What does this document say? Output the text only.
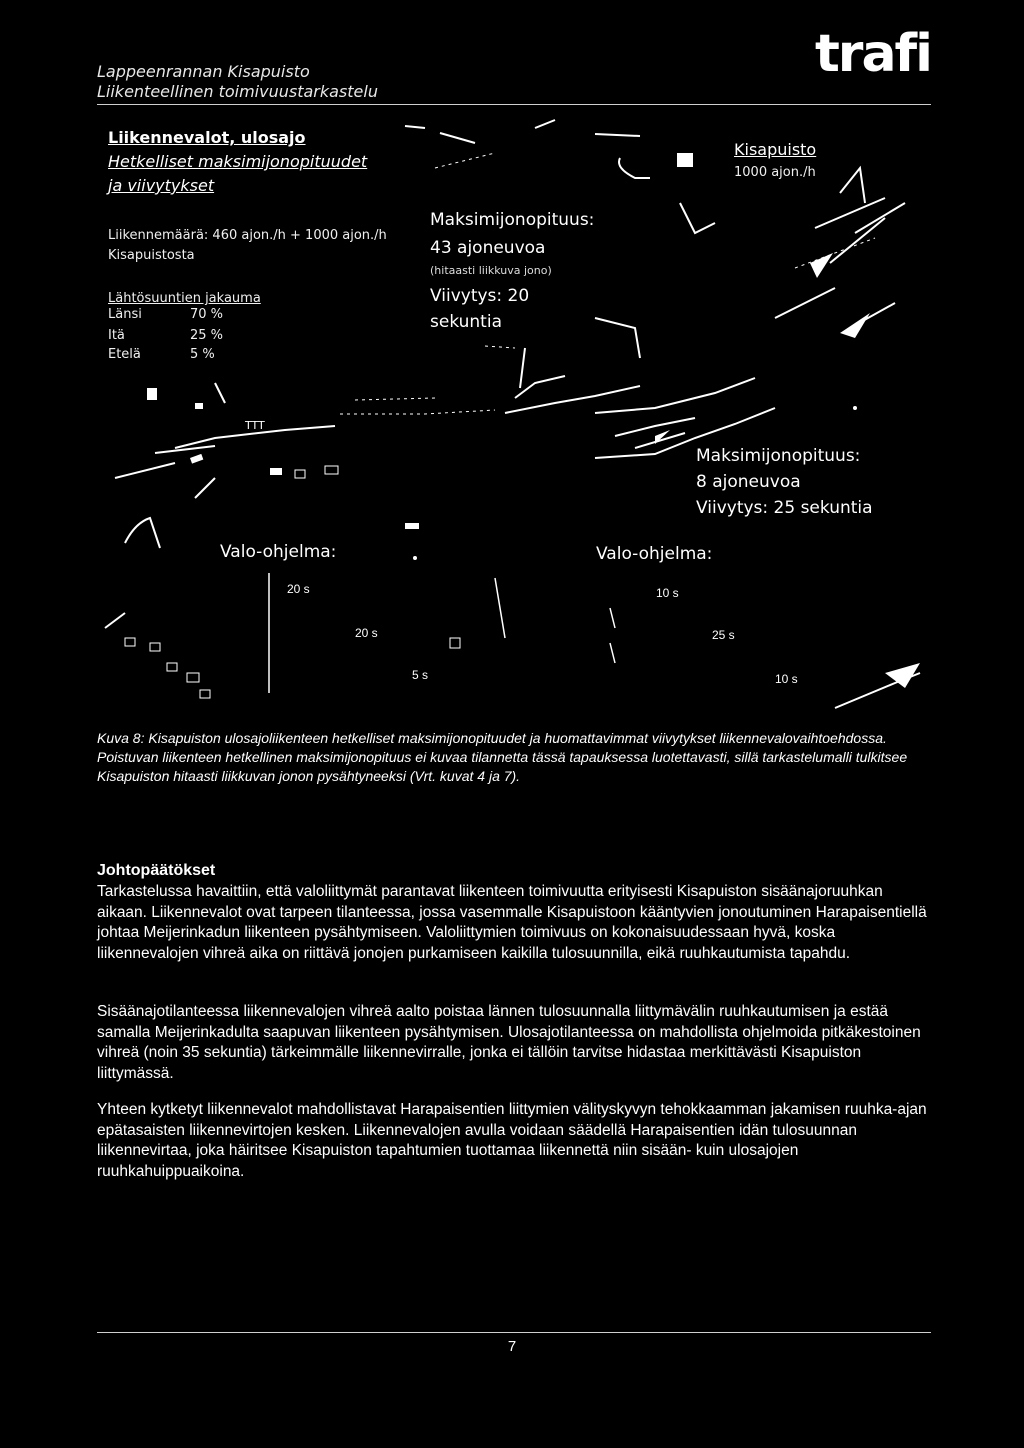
Lappeenrannan Kisapuisto
Liikenteellinen toimivuustarkastelu
trafi
TTT
Liikennevalot, ulosajo
Hetkelliset maksimijonopituudet
ja viivytykset
Liikennemäärä: 460 ajon./h + 1000 ajon./h
Kisapuistosta
Lähtösuuntien jakauma
Länsi	70 %
Itä	25 %
Etelä	5 %
Maksimijonopituus:
43 ajoneuvoa
(hitaasti liikkuva jono)
Viivytys: 20
sekuntia
Kisapuisto
1000 ajon./h
Maksimijonopituus:
8 ajoneuvoa
Viivytys: 25 sekuntia
Valo-ohjelma:	Valo-ohjelma:
20 s
20 s
5 s
10 s
25 s
10 s
Kuva 8: Kisapuiston ulosajoliikenteen hetkelliset maksimijonopituudet ja huomattavimmat viivytykset liikennevalovaihtoehdossa. Poistuvan liikenteen hetkellinen maksimijonopituus ei kuvaa tilannetta tässä tapauksessa luotettavasti, sillä tarkastelumalli tulkitsee Kisapuiston hitaasti liikkuvan jonon pysähtyneeksi (Vrt. kuvat 4 ja 7).
Johtopäätökset
Tarkastelussa havaittiin, että valoliittymät parantavat liikenteen toimivuutta erityisesti Kisapuiston sisäänajoruuhkan aikaan. Liikennevalot ovat tarpeen tilanteessa, jossa vasemmalle Kisapuistoon kääntyvien jonoutuminen Harapaisentiellä johtaa Meijerinkadun liikenteen pysähtymiseen. Valoliittymien toimivuus on kokonaisuudessaan hyvä, koska liikennevalojen vihreä aika on riittävä jonojen purkamiseen kaikilla tulosuunnilla, eikä ruuhkautumista tapahdu.
Sisäänajotilanteessa liikennevalojen vihreä aalto poistaa lännen tulosuunnalla liittymävälin ruuhkautumisen ja estää samalla Meijerinkadulta saapuvan liikenteen pysähtymisen. Ulosajotilanteessa on mahdollista ohjelmoida pitkäkestoinen vihreä (noin 35 sekuntia) tärkeimmälle liikennevirralle, jonka ei tällöin tarvitse hidastaa merkittävästi Kisapuiston liittymässä.
Yhteen kytketyt liikennevalot mahdollistavat Harapaisentien liittymien välityskyvyn tehokkaamman jakamisen ruuhka-ajan epätasaisten liikennevirtojen kesken. Liikennevalojen avulla voidaan säädellä Harapaisentien idän tulosuunnan liikennevirtaa, joka häiritsee Kisapuiston tapahtumien tuottamaa liikennettä niin sisään- kuin ulosajojen ruuhkahuippuaikoina.
7
